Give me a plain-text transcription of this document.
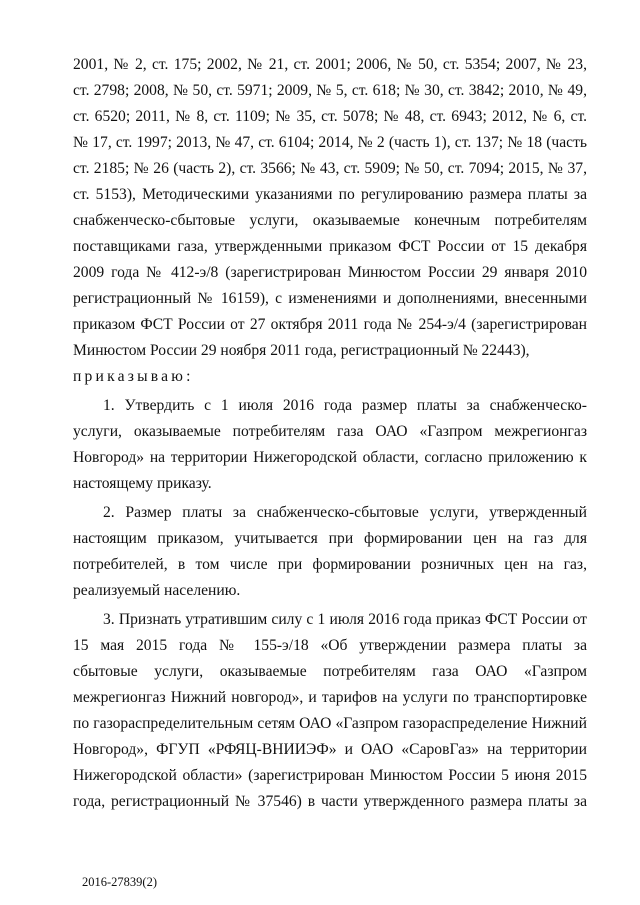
2001, № 2, ст. 175; 2002, № 21, ст. 2001; 2006, № 50, ст. 5354; 2007, № 23,
ст. 2798; 2008, № 50, ст. 5971; 2009, № 5, ст. 618; № 30, ст. 3842; 2010, № 49,
ст. 6520; 2011, № 8, ст. 1109; № 35, ст. 5078; № 48, ст. 6943; 2012, № 6, ст.
№ 17, ст. 1997; 2013, № 47, ст. 6104; 2014, № 2 (часть 1), ст. 137; № 18 (часть
ст. 2185; № 26 (часть 2), ст. 3566; № 43, ст. 5909; № 50, ст. 7094; 2015, № 37,
ст. 5153), Методическими указаниями по регулированию размера платы за
снабженческо-сбытовые услуги, оказываемые конечным потребителям
поставщиками газа, утвержденными приказом ФСТ России от 15 декабря
2009 года № 412-э/8 (зарегистрирован Минюстом России 29 января 2010
регистрационный № 16159), с изменениями и дополнениями, внесенными
приказом ФСТ России от 27 октября 2011 года № 254-э/4 (зарегистрирован
Минюстом России 29 ноября 2011 года, регистрационный № 22443),
приказываю:
1. Утвердить с 1 июля 2016 года размер платы за снабженческо-
услуги, оказываемые потребителям газа ОАО «Газпром межрегионгаз
Новгород» на территории Нижегородской области, согласно приложению к
настоящему приказу.
2. Размер платы за снабженческо-сбытовые услуги, утвержденный
настоящим приказом, учитывается при формировании цен на газ для
потребителей, в том числе при формировании розничных цен на газ,
реализуемый населению.
3. Признать утратившим силу с 1 июля 2016 года приказ ФСТ России от
15 мая 2015 года № 155-э/18 «Об утверждении размера платы за
сбытовые услуги, оказываемые потребителям газа ОАО «Газпром
межрегионгаз Нижний новгород», и тарифов на услуги по транспортировке
по газораспределительным сетям ОАО «Газпром газораспределение Нижний
Новгород», ФГУП «РФЯЦ-ВНИИЭФ» и ОАО «СаровГаз» на территории
Нижегородской области» (зарегистрирован Минюстом России 5 июня 2015
года, регистрационный № 37546) в части утвержденного размера платы за
2016-27839(2)
